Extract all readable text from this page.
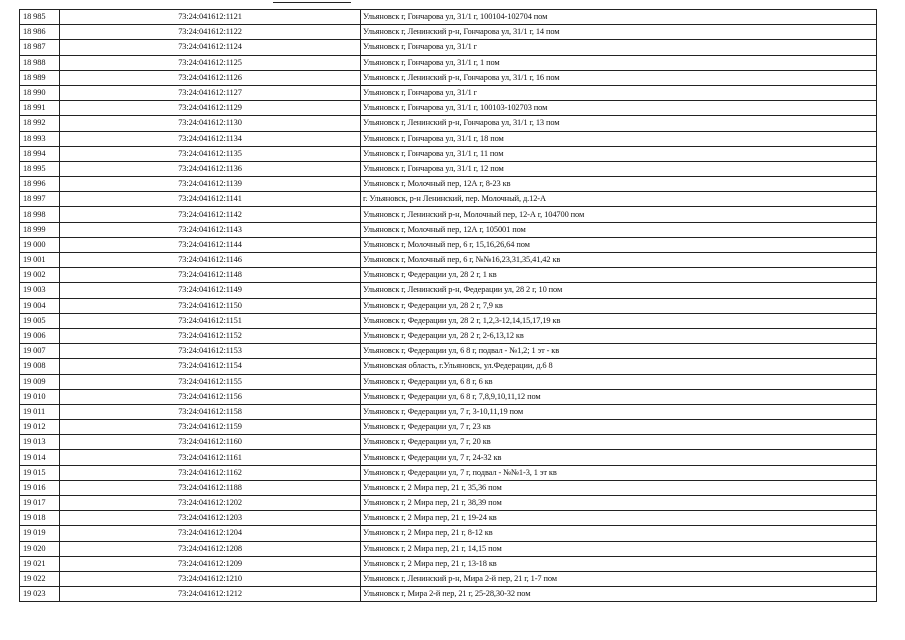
18 985	73:24:041612:1121	Ульяновск г, Гончарова ул, 31/1 г, 100104-102704 пом
18 986	73:24:041612:1122	Ульяновск г, Ленинский р-н, Гончарова ул, 31/1 г, 14 пом
18 987	73:24:041612:1124	Ульяновск г, Гончарова ул, 31/1 г
18 988	73:24:041612:1125	Ульяновск г, Гончарова ул, 31/1 г, 1 пом
18 989	73:24:041612:1126	Ульяновск г, Ленинский р-н, Гончарова ул, 31/1 г, 16 пом
18 990	73:24:041612:1127	Ульяновск г, Гончарова ул, 31/1 г
18 991	73:24:041612:1129	Ульяновск г, Гончарова ул, 31/1 г, 100103-102703 пом
18 992	73:24:041612:1130	Ульяновск г, Ленинский р-н, Гончарова ул, 31/1 г, 13 пом
18 993	73:24:041612:1134	Ульяновск г, Гончарова ул, 31/1 г, 18 пом
18 994	73:24:041612:1135	Ульяновск г, Гончарова ул, 31/1 г, 11 пом
18 995	73:24:041612:1136	Ульяновск г, Гончарова ул, 31/1 г, 12 пом
18 996	73:24:041612:1139	Ульяновск г, Молочный пер, 12А г, 8-23 кв
18 997	73:24:041612:1141	г. Ульяновск, р-н Ленинский, пер. Молочный, д.12-А
18 998	73:24:041612:1142	Ульяновск г, Ленинский р-н, Молочный пер, 12-А г, 104700 пом
18 999	73:24:041612:1143	Ульяновск г, Молочный пер, 12А г, 105001 пом
19 000	73:24:041612:1144	Ульяновск г, Молочный пер, 6 г, 15,16,26,64 пом
19 001	73:24:041612:1146	Ульяновск г, Молочный пер, 6 г, №№16,23,31,35,41,42 кв
19 002	73:24:041612:1148	Ульяновск г, Федерации ул, 28 2 г, 1 кв
19 003	73:24:041612:1149	Ульяновск г, Ленинский р-н, Федерации ул, 28 2 г, 10 пом
19 004	73:24:041612:1150	Ульяновск г, Федерации ул, 28 2 г, 7,9 кв
19 005	73:24:041612:1151	Ульяновск г, Федерации ул, 28 2 г, 1,2,3-12,14,15,17,19 кв
19 006	73:24:041612:1152	Ульяновск г, Федерации ул, 28 2 г, 2-6,13,12 кв
19 007	73:24:041612:1153	Ульяновск г, Федерации ул, 6 8 г, подвал - №1,2; 1 эт - кв
19 008	73:24:041612:1154	Ульяновская область, г.Ульяновск, ул.Федерации, д.6 8
19 009	73:24:041612:1155	Ульяновск г, Федерации ул, 6 8 г, 6 кв
19 010	73:24:041612:1156	Ульяновск г, Федерации ул, 6 8 г, 7,8,9,10,11,12 пом
19 011	73:24:041612:1158	Ульяновск г, Федерации ул, 7 г, 3-10,11,19 пом
19 012	73:24:041612:1159	Ульяновск г, Федерации ул, 7 г, 23 кв
19 013	73:24:041612:1160	Ульяновск г, Федерации ул, 7 г, 20 кв
19 014	73:24:041612:1161	Ульяновск г, Федерации ул, 7 г, 24-32 кв
19 015	73:24:041612:1162	Ульяновск г, Федерации ул, 7 г, подвал - №№1-3, 1 эт кв
19 016	73:24:041612:1188	Ульяновск г, 2 Мира пер, 21 г, 35,36 пом
19 017	73:24:041612:1202	Ульяновск г, 2 Мира пер, 21 г, 38,39 пом
19 018	73:24:041612:1203	Ульяновск г, 2 Мира пер, 21 г, 19-24 кв
19 019	73:24:041612:1204	Ульяновск г, 2 Мира пер, 21 г, 8-12 кв
19 020	73:24:041612:1208	Ульяновск г, 2 Мира пер, 21 г, 14,15 пом
19 021	73:24:041612:1209	Ульяновск г, 2 Мира пер, 21 г, 13-18 кв
19 022	73:24:041612:1210	Ульяновск г, Ленинский р-н, Мира 2-й пер, 21 г, 1-7 пом
19 023	73:24:041612:1212	Ульяновск г, Мира 2-й пер, 21 г, 25-28,30-32 пом
